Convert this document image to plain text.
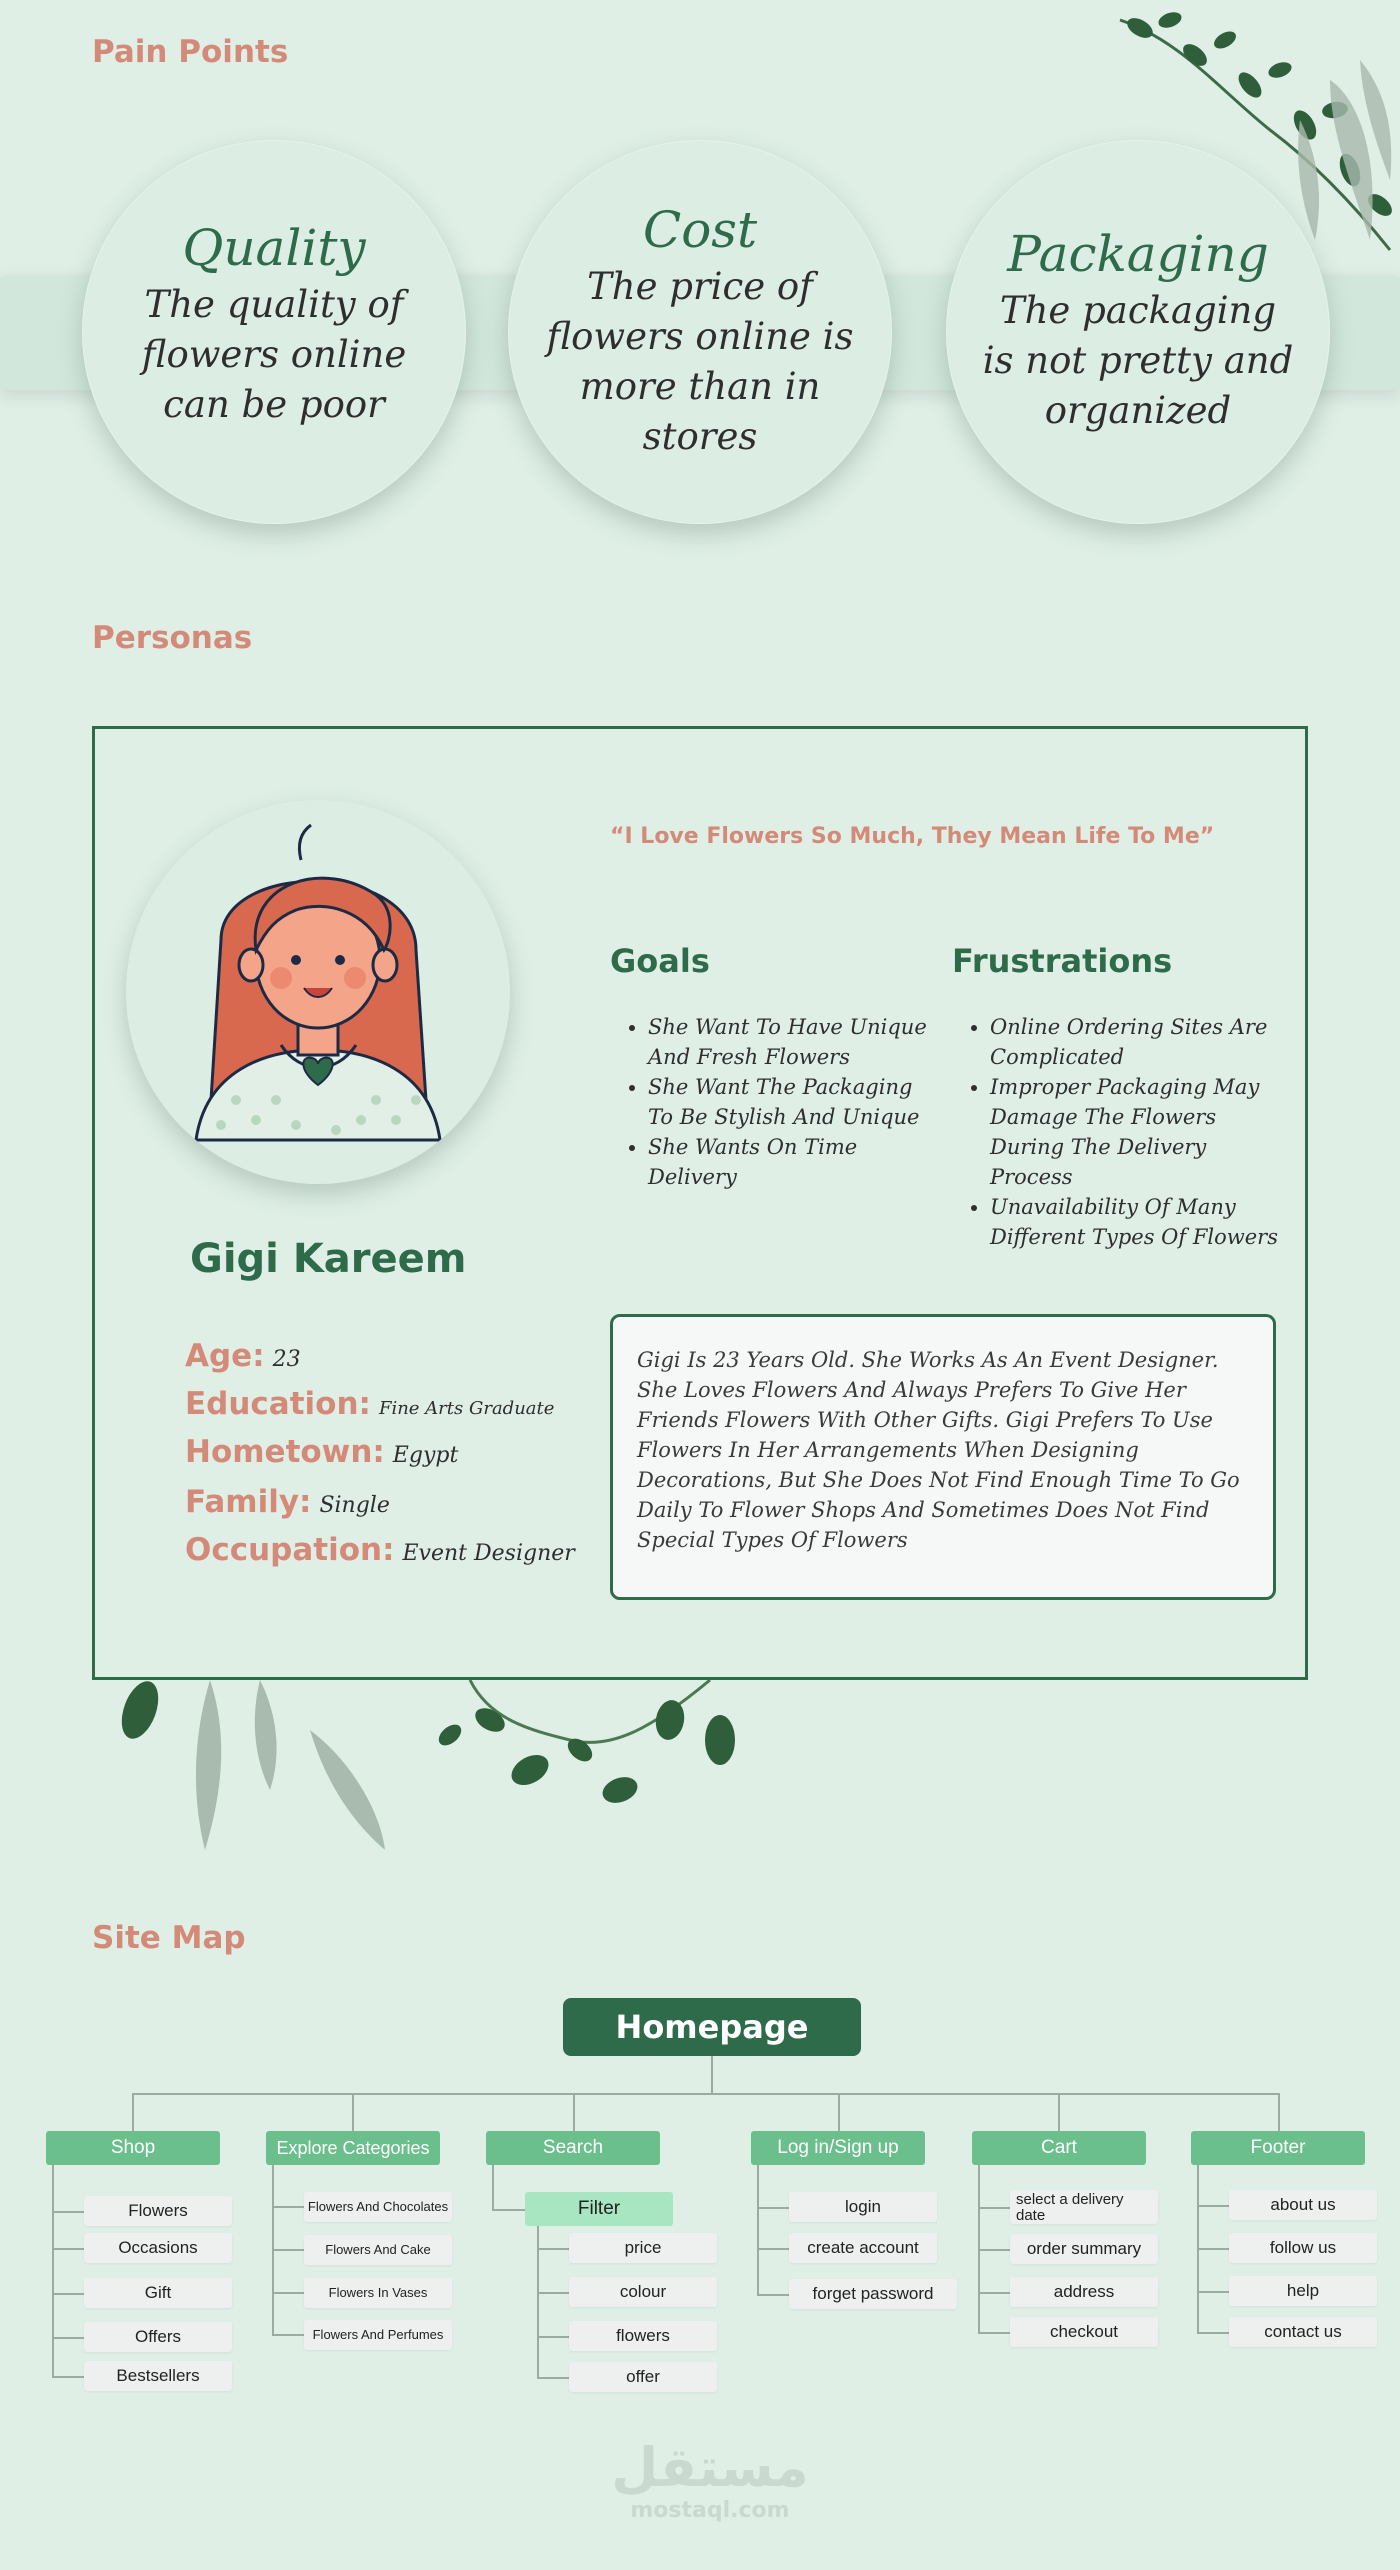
Pain Points
Quality
The quality of flowers online can be poor
Cost
The price of flowers online is more than in stores
Packaging
The packaging is not pretty and organized
Personas
“I Love Flowers So Much, They Mean Life To Me”
Goals
• She Want To Have Unique And Fresh Flowers
• She Want The Packaging To Be Stylish And Unique
• She Wants On Time Delivery
Frustrations
• Online Ordering Sites Are Complicated
• Improper Packaging May Damage The Flowers During The Delivery Process
• Unavailability Of Many Different Types Of Flowers
Gigi Kareem
Age: 23
Education: Fine Arts Graduate
Hometown: Egypt
Family: Single
Occupation: Event Designer
Gigi Is 23 Years Old. She Works As An Event Designer. She Loves Flowers And Always Prefers To Give Her Friends Flowers With Other Gifts. Gigi Prefers To Use Flowers In Her Arrangements When Designing Decorations, But She Does Not Find Enough Time To Go Daily To Flower Shops And Sometimes Does Not Find Special Types Of Flowers
Site Map
Homepage
Shop
Flowers
Occasions
Gift
Offers
Bestsellers
Explore Categories
Flowers And Chocolates
Flowers And Cake
Flowers In Vases
Flowers And Perfumes
Search
Filter
price
colour
flowers
offer
Log in/Sign up
login
create account
forget password
Cart
select a delivery date
order summary
address
checkout
Footer
about us
follow us
help
contact us
مستقل
mostaql.com
